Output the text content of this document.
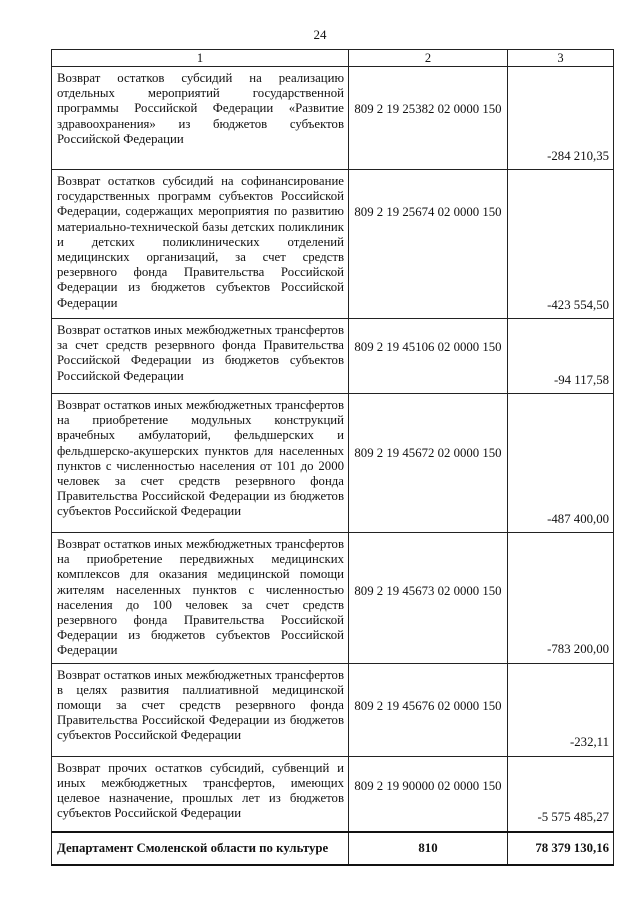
24
1	2	3
Возврат остатков субсидий на реализацию отдельных мероприятий государственной программы Российской Федерации «Развитие здравоохранения» из бюджетов субъектов Российской Федерации	809 2 19 25382 02 0000 150	-284 210,35
Возврат остатков субсидий на софинансирование государственных программ субъектов Российской Федерации, содержащих мероприятия по развитию материально-технической базы детских поликлиник и детских поликлинических отделений медицинских организаций, за счет средств резервного фонда Правительства Российской Федерации из бюджетов субъектов Российской Федерации	809 2 19 25674 02 0000 150	-423 554,50
Возврат остатков иных межбюджетных трансфертов за счет средств резервного фонда Правительства Российской Федерации из бюджетов субъектов Российской Федерации	809 2 19 45106 02 0000 150	-94 117,58
Возврат остатков иных межбюджетных трансфертов на приобретение модульных конструкций врачебных амбулаторий, фельдшерских и фельдшерско-акушерских пунктов для населенных пунктов с численностью населения от 101 до 2000 человек за счет средств резервного фонда Правительства Российской Федерации из бюджетов субъектов Российской Федерации	809 2 19 45672 02 0000 150	-487 400,00
Возврат остатков иных межбюджетных трансфертов на приобретение передвижных медицинских комплексов для оказания медицинской помощи жителям населенных пунктов с численностью населения до 100 человек за счет средств резервного фонда Правительства Российской Федерации из бюджетов субъектов Российской Федерации	809 2 19 45673 02 0000 150	-783 200,00
Возврат остатков иных межбюджетных трансфертов в целях развития паллиативной медицинской помощи за счет средств резервного фонда Правительства Российской Федерации из бюджетов субъектов Российской Федерации	809 2 19 45676 02 0000 150	-232,11
Возврат прочих остатков субсидий, субвенций и иных межбюджетных трансфертов, имеющих целевое назначение, прошлых лет из бюджетов субъектов Российской Федерации	809 2 19 90000 02 0000 150	-5 575 485,27
Департамент Смоленской области по культуре	810	78 379 130,16
